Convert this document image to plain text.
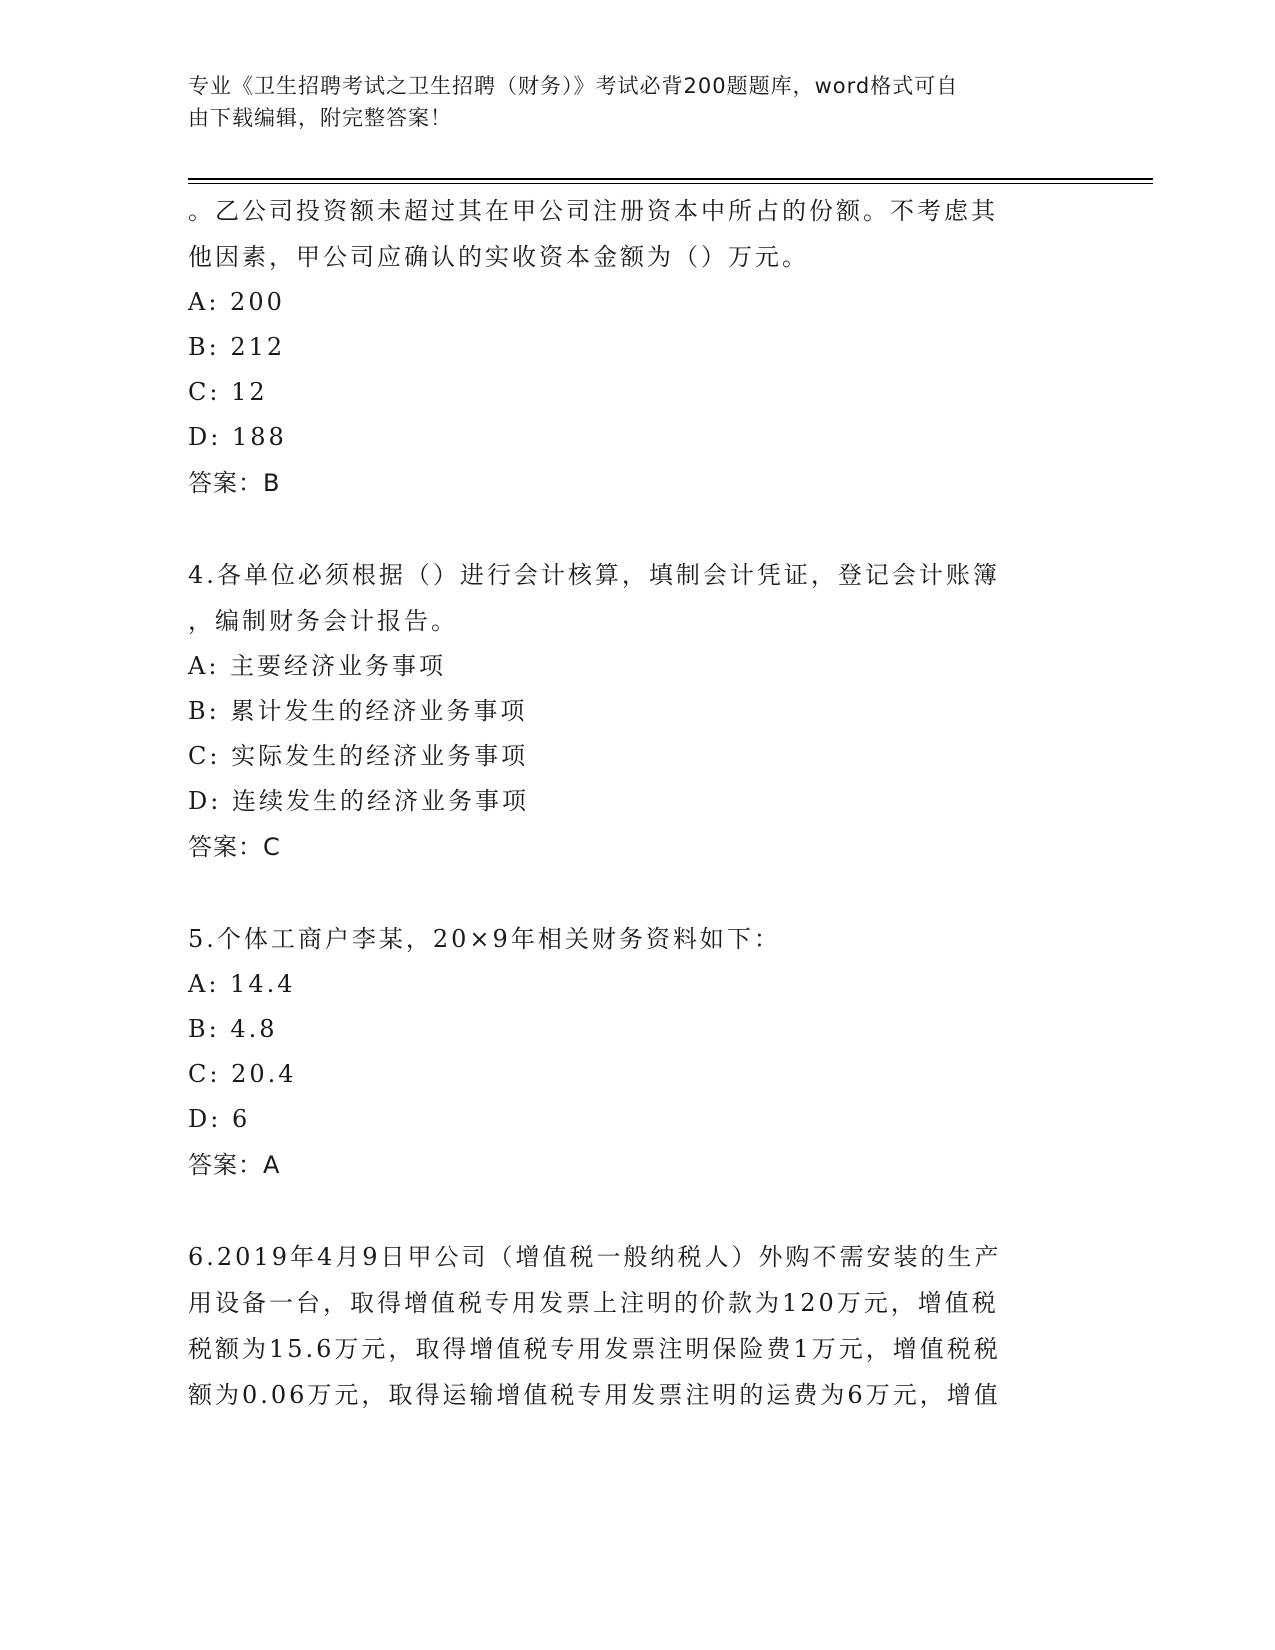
专业《卫生招聘考试之卫生招聘（财务）》考试必背200题题库，word格式可自
由下载编辑，附完整答案！
。乙公司投资额未超过其在甲公司注册资本中所占的份额。不考虑其
他因素，甲公司应确认的实收资本金额为（）万元。
A: 200
B: 212
C: 12
D: 188
答案：B
4.各单位必须根据（）进行会计核算，填制会计凭证，登记会计账簿
，编制财务会计报告。
A: 主要经济业务事项
B: 累计发生的经济业务事项
C: 实际发生的经济业务事项
D: 连续发生的经济业务事项
答案：C
5.个体工商户李某，20×9年相关财务资料如下：
A: 14.4
B: 4.8
C: 20.4
D: 6
答案：A
6.2019年4月9日甲公司（增值税一般纳税人）外购不需安装的生产
用设备一台，取得增值税专用发票上注明的价款为120万元，增值税
税额为15.6万元，取得增值税专用发票注明保险费1万元，增值税税
额为0.06万元，取得运输增值税专用发票注明的运费为6万元，增值
